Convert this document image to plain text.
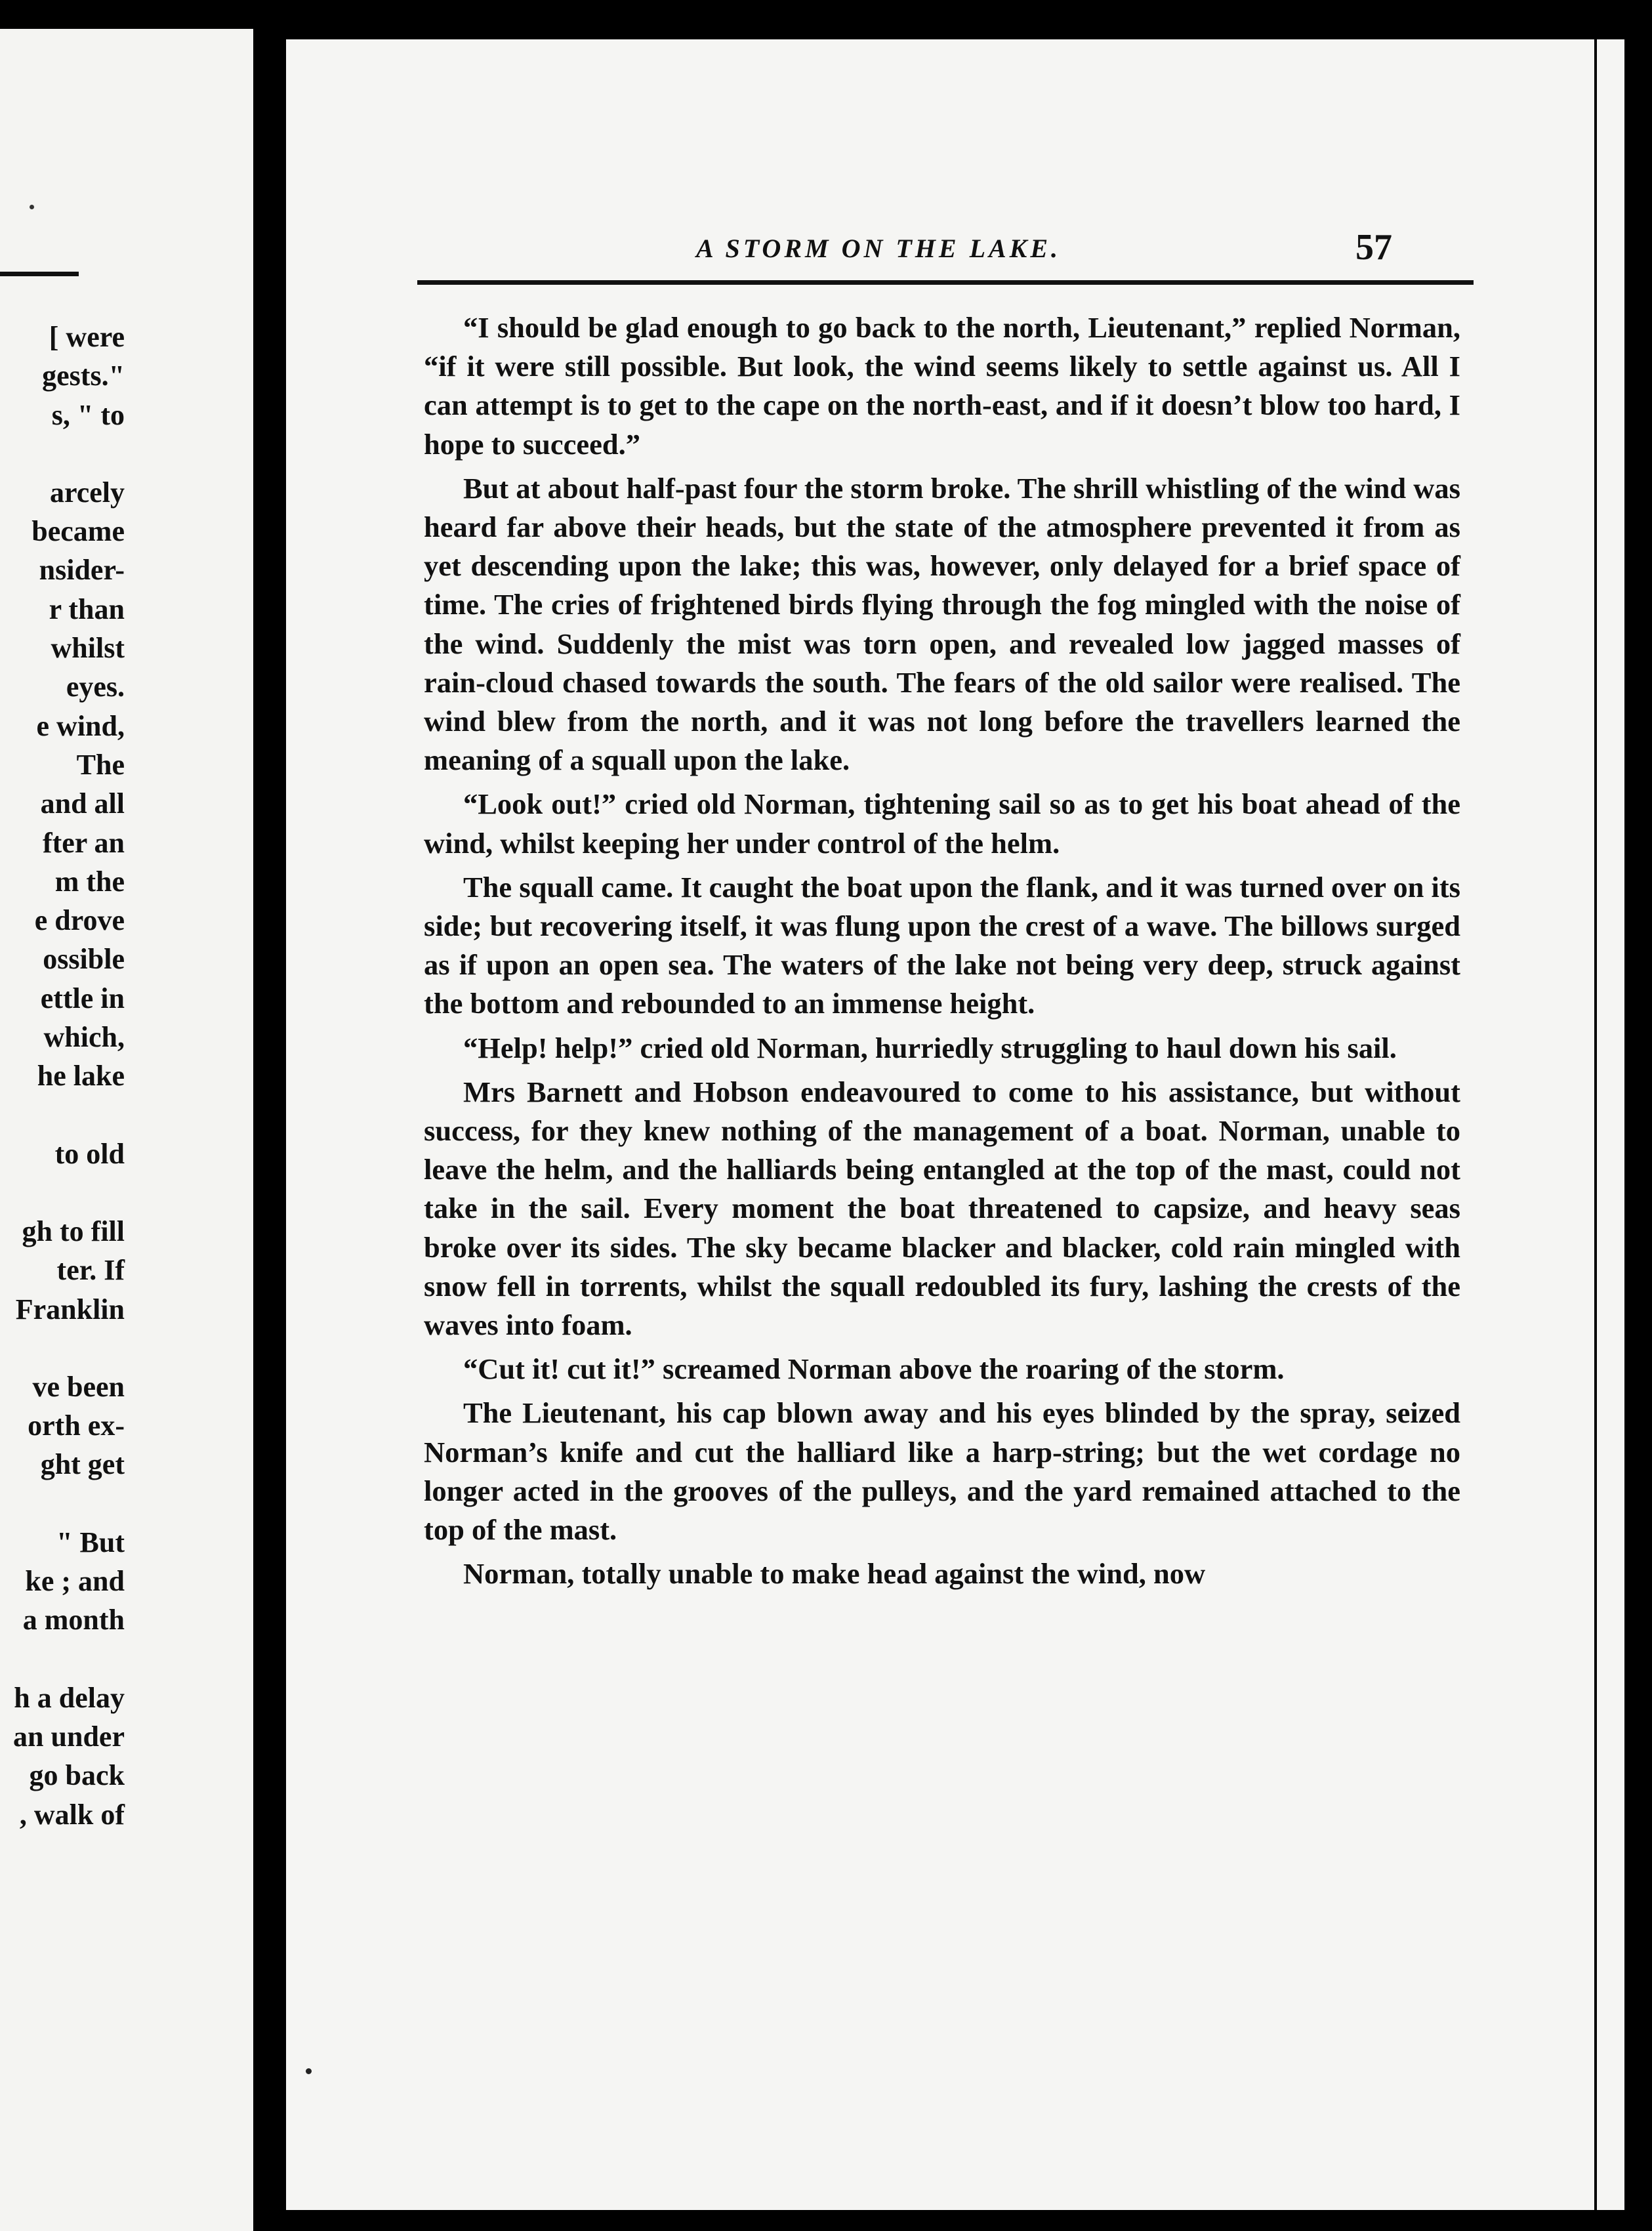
[ were
gests."
s, " to
arcely
became
nsider-
r than
whilst
eyes.
e wind,
The
and all
fter an
m the
e drove
ossible
ettle in
which,
he lake
to old
gh to fill
ter. If
Franklin
ve been
orth ex-
ght get
" But
ke ; and
a month
h a delay
an under
go back
, walk of
A STORM ON THE LAKE.	57

“I should be glad enough to go back to the north, Lieutenant,” replied Norman, “if it were still possible. But look, the wind seems likely to settle against us. All I can attempt is to get to the cape on the north-east, and if it doesn’t blow too hard, I hope to succeed.”

But at about half-past four the storm broke. The shrill whistling of the wind was heard far above their heads, but the state of the atmosphere prevented it from as yet descending upon the lake; this was, however, only delayed for a brief space of time. The cries of frightened birds flying through the fog mingled with the noise of the wind. Suddenly the mist was torn open, and revealed low jagged masses of rain-cloud chased towards the south. The fears of the old sailor were realised. The wind blew from the north, and it was not long before the travellers learned the meaning of a squall upon the lake.

“Look out!” cried old Norman, tightening sail so as to get his boat ahead of the wind, whilst keeping her under control of the helm.

The squall came. It caught the boat upon the flank, and it was turned over on its side; but recovering itself, it was flung upon the crest of a wave. The billows surged as if upon an open sea. The waters of the lake not being very deep, struck against the bottom and rebounded to an immense height.

“Help! help!” cried old Norman, hurriedly struggling to haul down his sail.

Mrs Barnett and Hobson endeavoured to come to his assistance, but without success, for they knew nothing of the management of a boat. Norman, unable to leave the helm, and the halliards being entangled at the top of the mast, could not take in the sail. Every moment the boat threatened to capsize, and heavy seas broke over its sides. The sky became blacker and blacker, cold rain mingled with snow fell in torrents, whilst the squall redoubled its fury, lashing the crests of the waves into foam.

“Cut it! cut it!” screamed Norman above the roaring of the storm.

The Lieutenant, his cap blown away and his eyes blinded by the spray, seized Norman’s knife and cut the halliard like a harp-string; but the wet cordage no longer acted in the grooves of the pulleys, and the yard remained attached to the top of the mast.

Norman, totally unable to make head against the wind, now
